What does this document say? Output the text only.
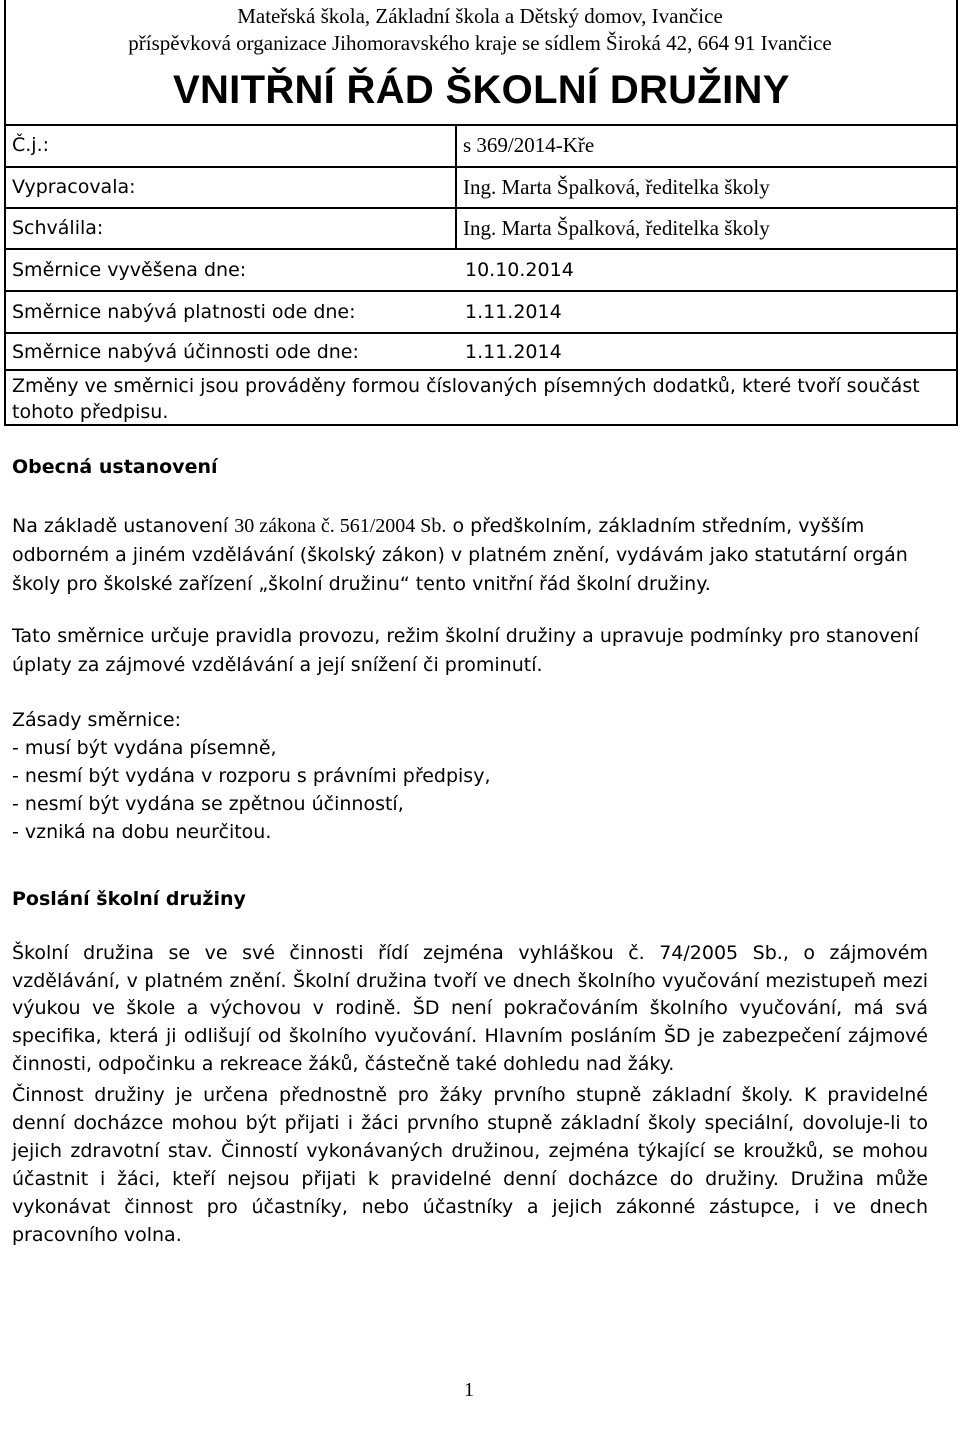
Mateřská škola, Základní škola a Dětský domov, Ivančice
příspěvková organizace Jihomoravského kraje se sídlem Široká 42, 664 91 Ivančice
VNITŘNÍ ŘÁD ŠKOLNÍ DRUŽINY
Č.j.:	s 369/2014-Kře
Vypracovala:	Ing. Marta Špalková, ředitelka školy
Schválila:	Ing. Marta Špalková, ředitelka školy
Směrnice vyvěšena dne:	10.10.2014
Směrnice nabývá platnosti ode dne:	1.11.2014
Směrnice nabývá účinnosti ode dne:	1.11.2014
Změny ve směrnici jsou prováděny formou číslovaných písemných dodatků, které tvoří součást tohoto předpisu.
Obecná ustanovení
Na základě ustanovení 30 zákona č. 561/2004 Sb. o předškolním, základním středním, vyšším odborném a jiném vzdělávání (školský zákon) v platném znění, vydávám jako statutární orgán školy pro školské zařízení „školní družinu“ tento vnitřní řád školní družiny.
Tato směrnice určuje pravidla provozu, režim školní družiny a upravuje podmínky pro stanovení úplaty za zájmové vzdělávání a její snížení či prominutí.
Zásady směrnice:
- musí být vydána písemně,
- nesmí být vydána v rozporu s právními předpisy,
- nesmí být vydána se zpětnou účinností,
- vzniká na dobu neurčitou.
Poslání školní družiny
Školní družina se ve své činnosti řídí zejména vyhláškou č. 74/2005 Sb., o zájmovém vzdělávání, v platném znění. Školní družina tvoří ve dnech školního vyučování mezistupeň mezi výukou ve škole a výchovou v rodině. ŠD není pokračováním školního vyučování, má svá specifika, která ji odlišují od školního vyučování. Hlavním posláním ŠD je zabezpečení zájmové činnosti, odpočinku a rekreace žáků, částečně také dohledu nad žáky.
Činnost družiny je určena přednostně pro žáky prvního stupně základní školy. K pravidelné denní docházce mohou být přijati i žáci prvního stupně základní školy speciální, dovoluje-li to jejich zdravotní stav. Činností vykonávaných družinou, zejména týkající se kroužků, se mohou účastnit i žáci, kteří nejsou přijati k pravidelné denní docházce do družiny. Družina může vykonávat činnost pro účastníky, nebo účastníky a jejich zákonné zástupce, i ve dnech pracovního volna.
1
